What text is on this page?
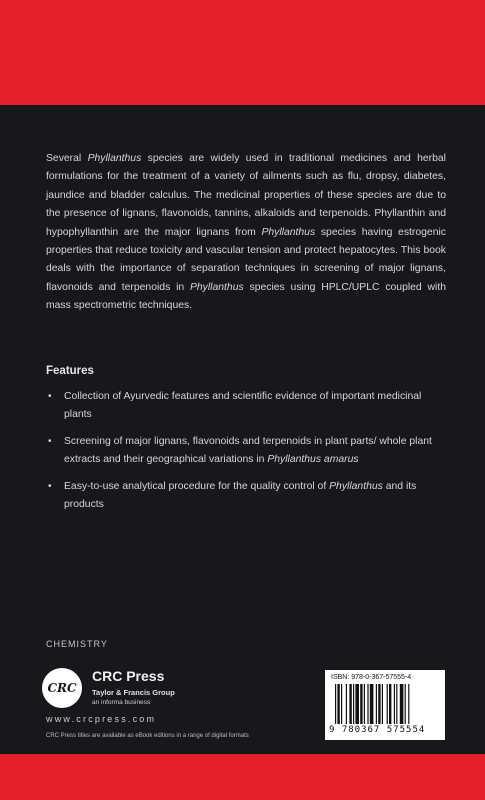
Several Phyllanthus species are widely used in traditional medicines and herbal formulations for the treatment of a variety of ailments such as flu, dropsy, diabetes, jaundice and bladder calculus. The medicinal properties of these species are due to the presence of lignans, flavonoids, tannins, alkaloids and terpenoids. Phyllanthin and hypophyllanthin are the major lignans from Phyllanthus species having estrogenic properties that reduce toxicity and vascular tension and protect hepatocytes. This book deals with the importance of separation techniques in screening of major lignans, flavonoids and terpenoids in Phyllanthus species using HPLC/UPLC coupled with mass spectrometric techniques.

Features
• Collection of Ayurvedic features and scientific evidence of important medicinal plants
• Screening of major lignans, flavonoids and terpenoids in plant parts/ whole plant extracts and their geographical variations in Phyllanthus amarus
• Easy-to-use analytical procedure for the quality control of Phyllanthus and its products
CHEMISTRY
CRC
CRC Press
Taylor & Francis Group
an informa business
www.crcpress.com
CRC Press titles are available as eBook editions in a range of digital formats
ISBN: 978-0-367-57555-4
9 780367 575554
